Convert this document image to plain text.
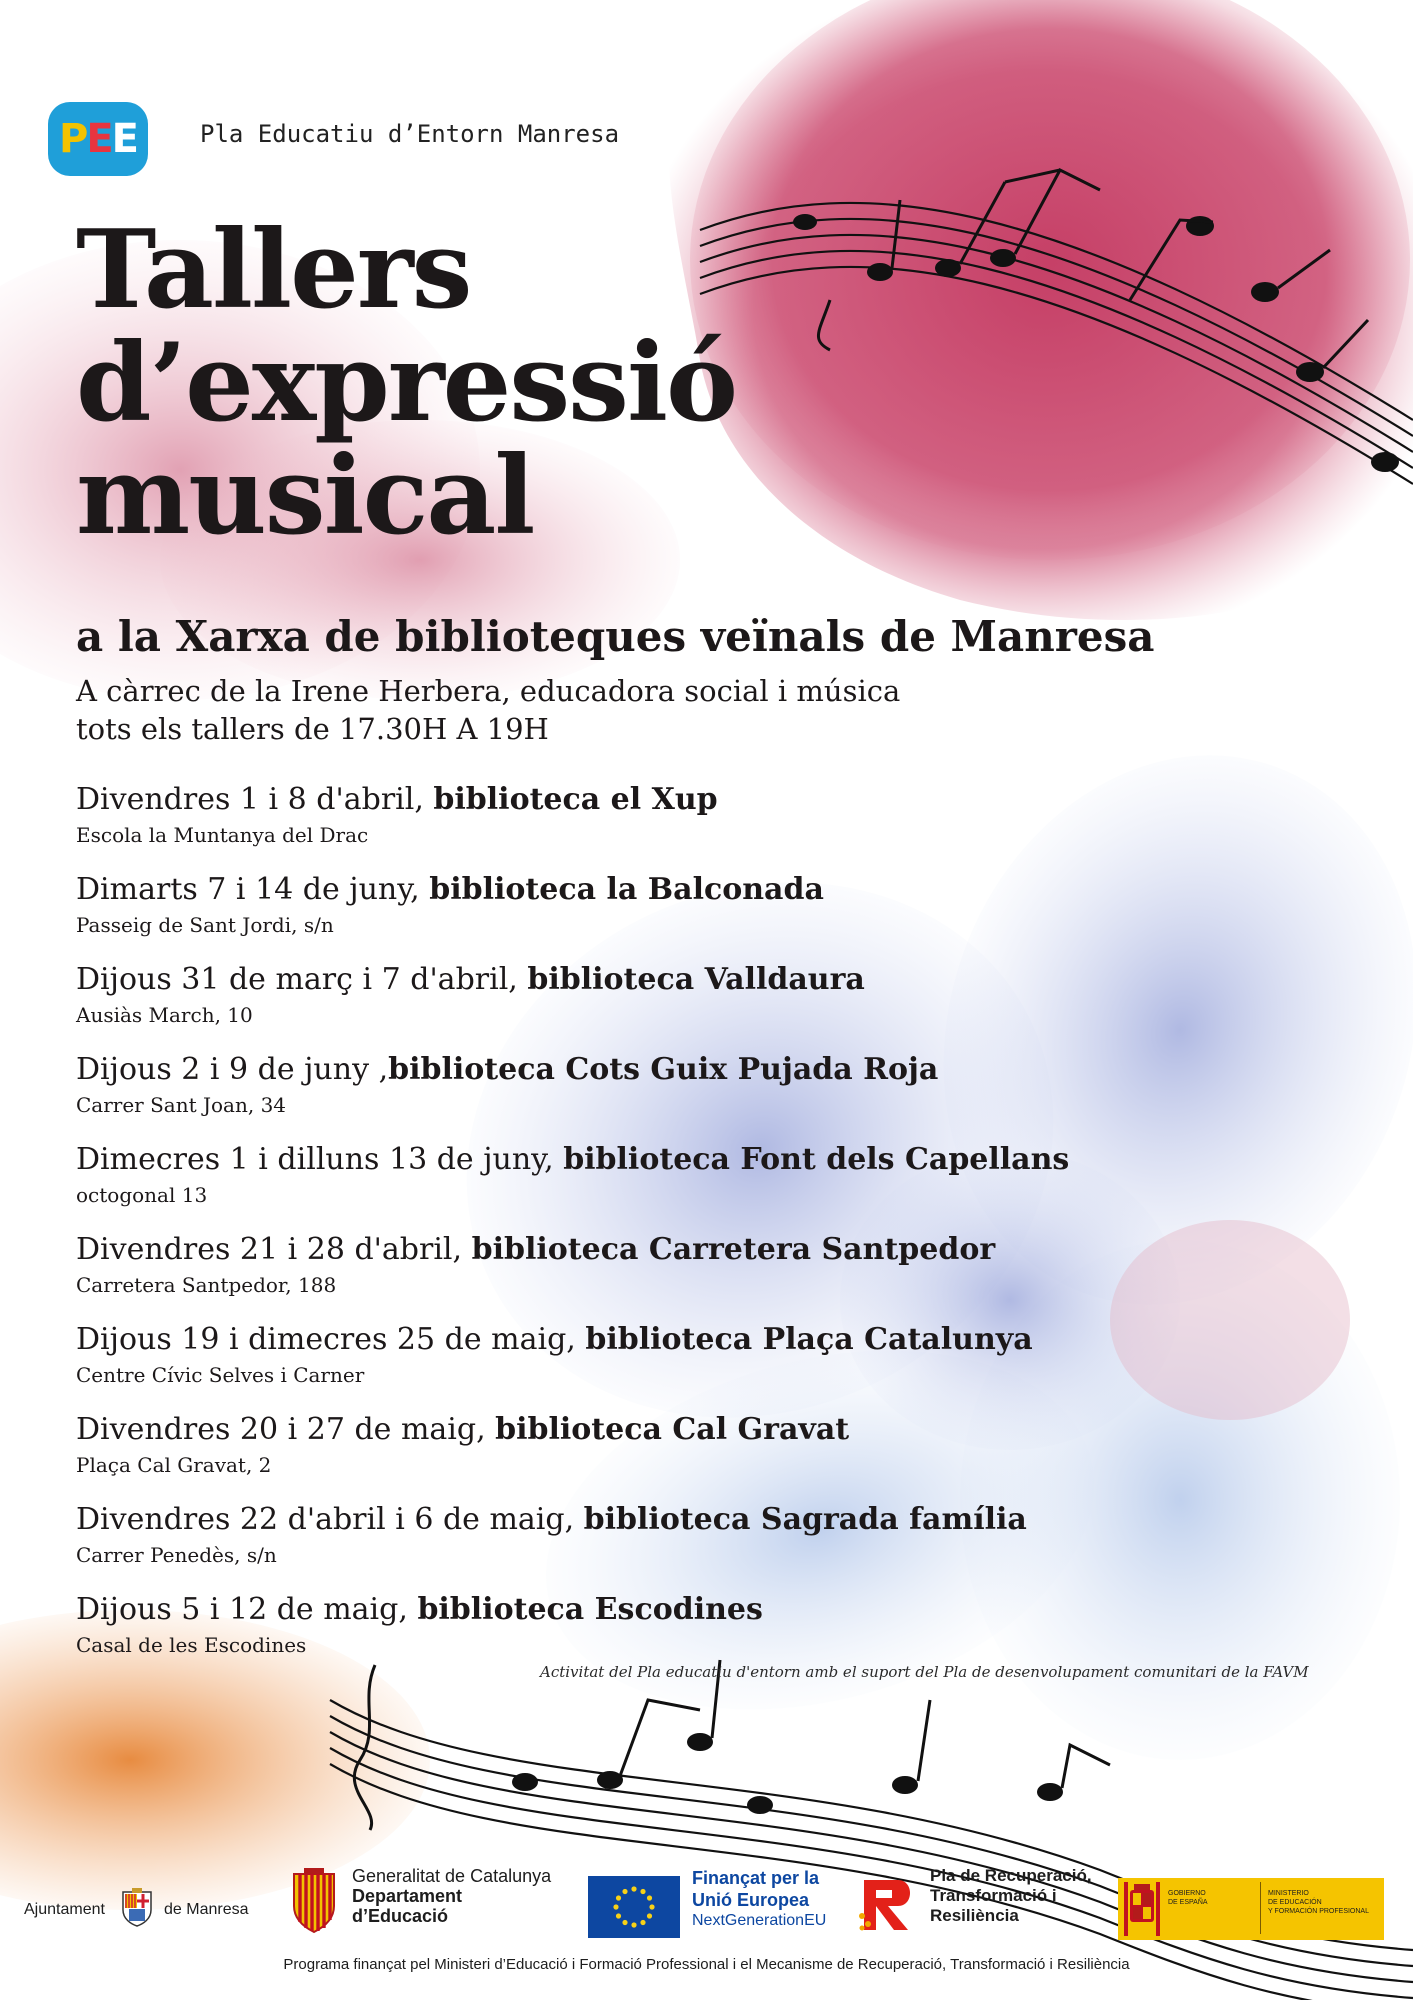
PEE	Pla Educatiu d’Entorn Manresa
Tallers
d’expressió
musical
a la Xarxa de biblioteques veïnals de Manresa
A càrrec de la Irene Herbera, educadora social i música
tots els tallers de 17.30H A 19H
Divendres 1 i 8 d'abril, biblioteca el Xup
Escola la Muntanya del Drac
Dimarts 7 i 14 de juny, biblioteca la Balconada
Passeig de Sant Jordi, s/n
Dijous 31 de març i 7 d'abril, biblioteca Valldaura
Ausiàs March, 10
Dijous 2 i 9 de juny ,biblioteca Cots Guix Pujada Roja
Carrer Sant Joan, 34
Dimecres 1 i dilluns 13 de juny, biblioteca Font dels Capellans
octogonal 13
Divendres 21 i 28 d'abril, biblioteca Carretera Santpedor
Carretera Santpedor, 188
Dijous 19 i dimecres 25 de maig, biblioteca Plaça Catalunya
Centre Cívic Selves i Carner
Divendres 20 i 27 de maig, biblioteca Cal Gravat
Plaça Cal Gravat, 2
Divendres 22 d'abril i 6 de maig, biblioteca Sagrada família
Carrer Penedès, s/n
Dijous 5 i 12 de maig, biblioteca Escodines
Casal de les Escodines
Activitat del Pla educatiu d'entorn amb el suport del Pla de desenvolupament comunitari de la FAVM
Ajuntament	de Manresa
Generalitat de Catalunya
Departament
d’Educació
Finançat per la
Unió Europea
NextGenerationEU
Pla de Recuperació,
Transformació i
Resiliència
GOBIERNO
DE ESPAÑA
MINISTERIO
DE EDUCACIÓN
Y FORMACIÓN PROFESIONAL
Programa finançat pel Ministeri d’Educació i Formació Professional i el Mecanisme de Recuperació, Transformació i Resiliència
